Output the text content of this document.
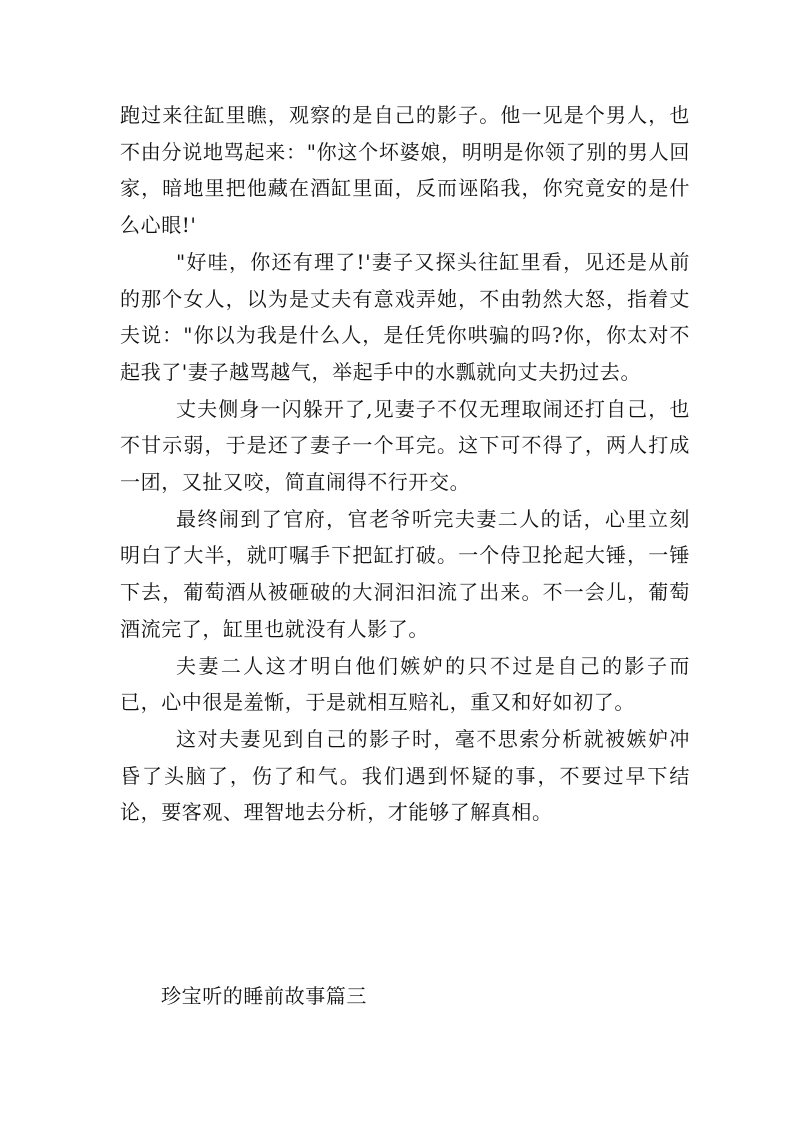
跑过来往缸里瞧，观察的是自己的影子。他一见是个男人，也不由分说地骂起来："你这个坏婆娘，明明是你领了别的男人回家，暗地里把他藏在酒缸里面，反而诬陷我，你究竟安的是什么心眼!'

"好哇，你还有理了!'妻子又探头往缸里看，见还是从前的那个女人，以为是丈夫有意戏弄她，不由勃然大怒，指着丈夫说："你以为我是什么人，是任凭你哄骗的吗?你，你太对不起我了'妻子越骂越气，举起手中的水瓢就向丈夫扔过去。

丈夫侧身一闪躲开了,见妻子不仅无理取闹还打自己，也不甘示弱，于是还了妻子一个耳完。这下可不得了，两人打成一团，又扯又咬，简直闹得不行开交。

最终闹到了官府，官老爷听完夫妻二人的话，心里立刻明白了大半，就叮嘱手下把缸打破。一个侍卫抡起大锤，一锤下去，葡萄酒从被砸破的大洞汩汩流了出来。不一会儿，葡萄酒流完了，缸里也就没有人影了。

夫妻二人这才明白他们嫉妒的只不过是自己的影子而已，心中很是羞惭，于是就相互赔礼，重又和好如初了。

这对夫妻见到自己的影子时，毫不思索分析就被嫉妒冲昏了头脑了，伤了和气。我们遇到怀疑的事，不要过早下结论，要客观、理智地去分析，才能够了解真相。

珍宝听的睡前故事篇三
